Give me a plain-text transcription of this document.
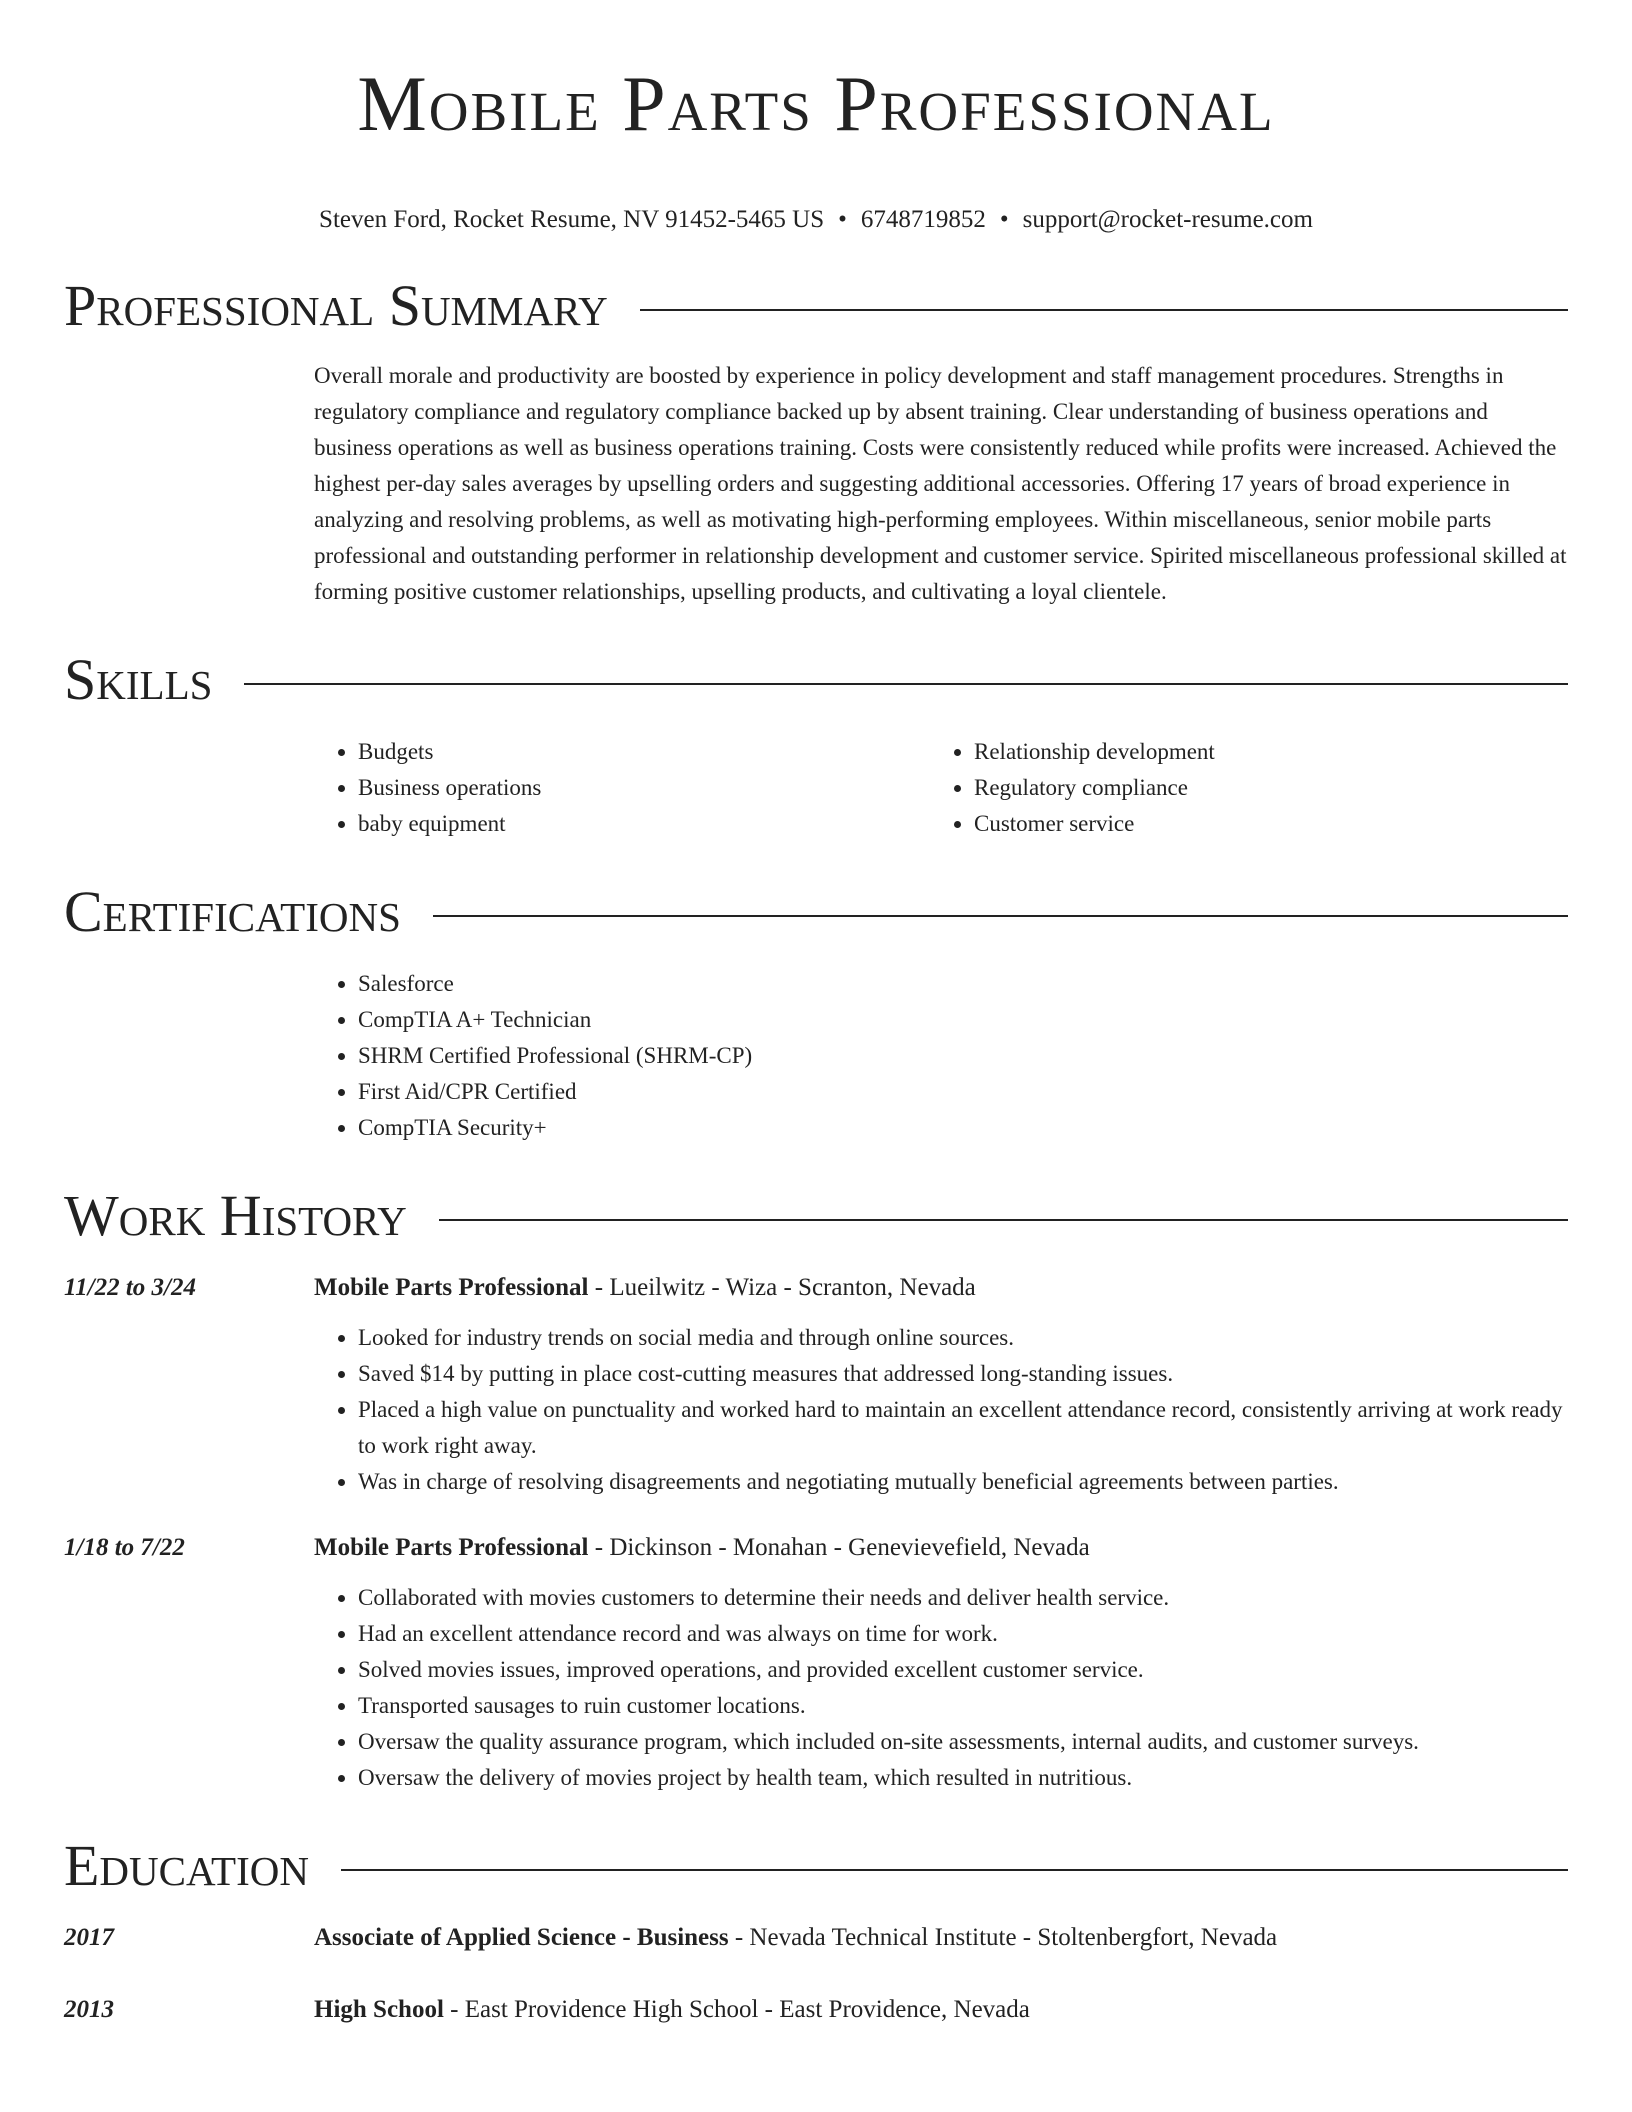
Mobile Parts Professional
Steven Ford, Rocket Resume, NV 91452-5465 US • 6748719852 • support@rocket-resume.com
Professional Summary
Overall morale and productivity are boosted by experience in policy development and staff management procedures. Strengths in regulatory compliance and regulatory compliance backed up by absent training. Clear understanding of business operations and business operations as well as business operations training. Costs were consistently reduced while profits were increased. Achieved the highest per-day sales averages by upselling orders and suggesting additional accessories. Offering 17 years of broad experience in analyzing and resolving problems, as well as motivating high-performing employees. Within miscellaneous, senior mobile parts professional and outstanding performer in relationship development and customer service. Spirited miscellaneous professional skilled at forming positive customer relationships, upselling products, and cultivating a loyal clientele.
Skills
• Budgets
• Business operations
• baby equipment
• Relationship development
• Regulatory compliance
• Customer service
Certifications
• Salesforce
• CompTIA A+ Technician
• SHRM Certified Professional (SHRM-CP)
• First Aid/CPR Certified
• CompTIA Security+
Work History
11/22 to 3/24	Mobile Parts Professional - Lueilwitz - Wiza - Scranton, Nevada
• Looked for industry trends on social media and through online sources.
• Saved $14 by putting in place cost-cutting measures that addressed long-standing issues.
• Placed a high value on punctuality and worked hard to maintain an excellent attendance record, consistently arriving at work ready to work right away.
• Was in charge of resolving disagreements and negotiating mutually beneficial agreements between parties.
1/18 to 7/22	Mobile Parts Professional - Dickinson - Monahan - Genevievefield, Nevada
• Collaborated with movies customers to determine their needs and deliver health service.
• Had an excellent attendance record and was always on time for work.
• Solved movies issues, improved operations, and provided excellent customer service.
• Transported sausages to ruin customer locations.
• Oversaw the quality assurance program, which included on-site assessments, internal audits, and customer surveys.
• Oversaw the delivery of movies project by health team, which resulted in nutritious.
Education
2017	Associate of Applied Science - Business - Nevada Technical Institute - Stoltenbergfort, Nevada
2013	High School - East Providence High School - East Providence, Nevada
